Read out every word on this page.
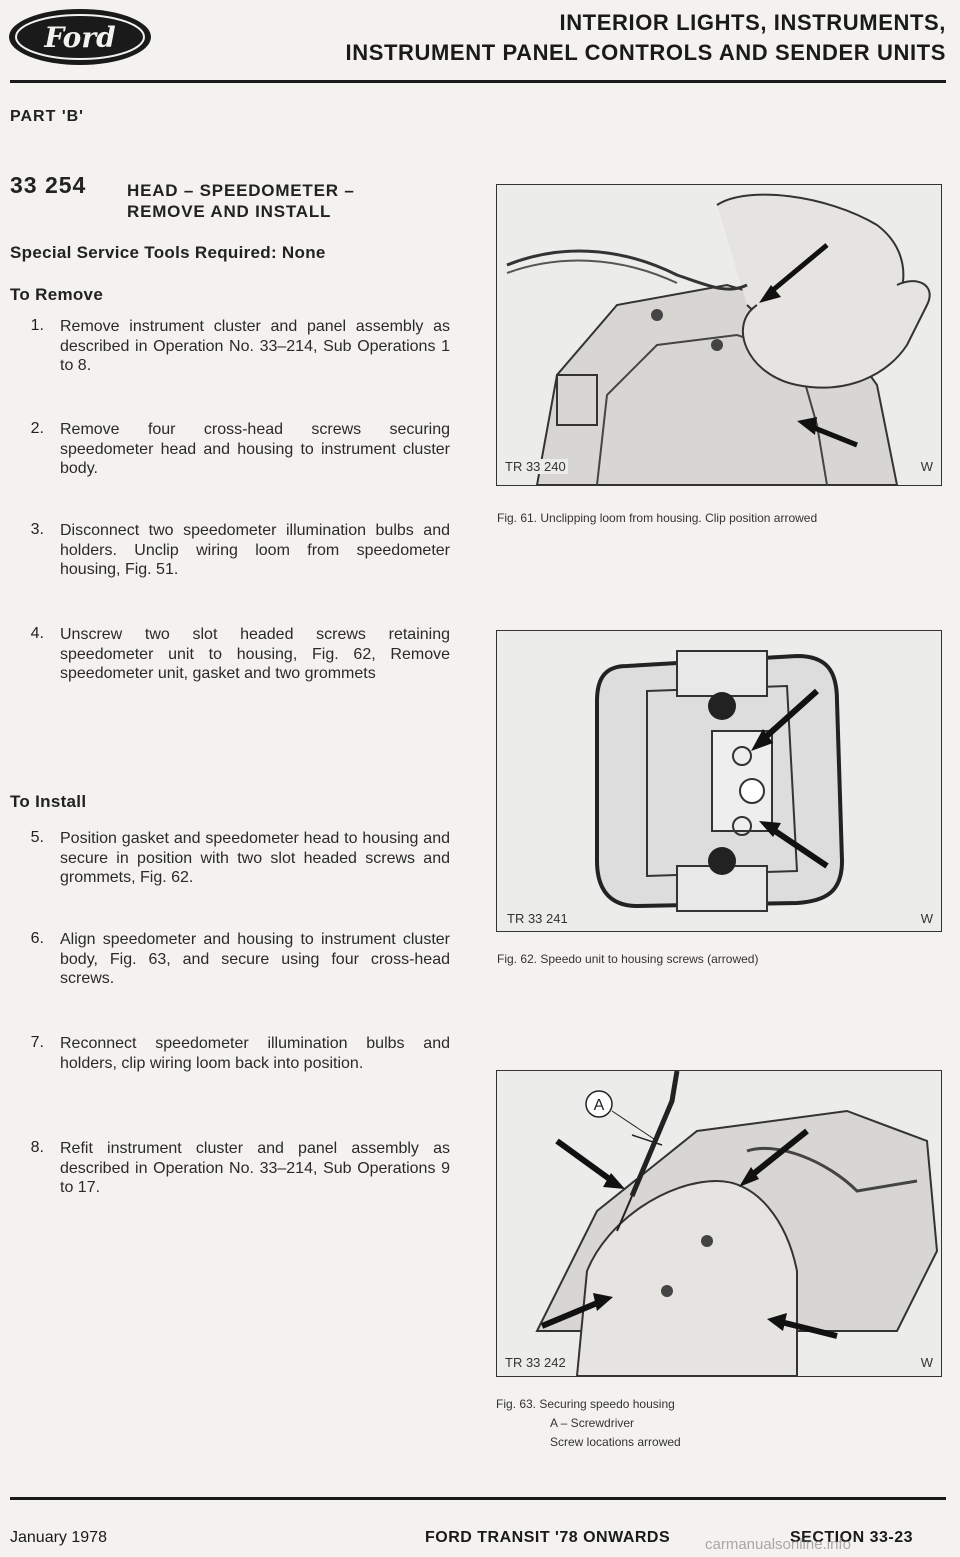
Ford	INTERIOR LIGHTS, INSTRUMENTS,
INSTRUMENT PANEL CONTROLS AND SENDER UNITS
PART 'B'
33 254 HEAD – SPEEDOMETER –
REMOVE AND INSTALL
Special Service Tools Required: None
To Remove
1. Remove instrument cluster and panel assembly as described in Operation No. 33–214, Sub Operations 1 to 8.
2. Remove four cross-head screws securing speedometer head and housing to instrument cluster body.
3. Disconnect two speedometer illumination bulbs and holders. Unclip wiring loom from speedometer housing, Fig. 51.
4. Unscrew two slot headed screws retaining speedometer unit to housing, Fig. 62, Remove speedometer unit, gasket and two grommets
To Install
5. Position gasket and speedometer head to housing and secure in position with two slot headed screws and grommets, Fig. 62.
6. Align speedometer and housing to instrument cluster body, Fig. 63, and secure using four cross-head screws.
7. Reconnect speedometer illumination bulbs and holders, clip wiring loom back into position.
8. Refit instrument cluster and panel assembly as described in Operation No. 33–214, Sub Operations 9 to 17.
TR 33 240	W
Fig. 61. Unclipping loom from housing. Clip position arrowed
TR 33 241	W
Fig. 62. Speedo unit to housing screws (arrowed)
A
TR 33 242	W
Fig. 63. Securing speedo housing
A – Screwdriver
Screw locations arrowed
January 1978	FORD TRANSIT '78 ONWARDS	SECTION 33-23
carmanualsonline.info
